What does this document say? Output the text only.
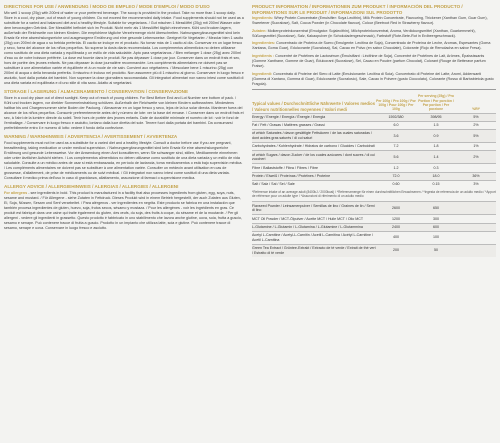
DIRECTIONS FOR USE / ANWENDUNG / MODO DE EMPLEO / MODE D'EMPLOI / MODO D'USO

Mix well 1 scoop (25g) with 200ml of water or your preferred beverage. The scoop is provided in the product. Take no more than 1 scoop daily. Store in a cool, dry place, out of reach of young children. Do not exceed the recommended daily intake. Food supplements should not be used as a substitute for a varied and balanced diet and a healthy lifestyle. Suitable for vegetarians. / Gut mischen 1 Messlöffel (25g) mit 200ml Wasser oder dem bevorzugten Getränk. Der Messlöffel befindet sich im Produkt. Nicht mehr als 1 Messlöffel täglich einnehmen. Kühl und trocken lagern, außerhalb der Reichweite von kleinen Kindern. Die empfohlene tägliche Verzehrmenge nicht überschreiten. Nahrungsergänzungsmittel sind kein Ersatz für eine abwechslungsreiche und ausgewogene Ernährung und eine gesunde Lebensweise. Geeignet für Vegetarier. / Mezclar bien 1 cacito (25g) con 200ml de agua o su bebida preferida. El cacito se incluye en el producto. No tomar más de 1 cacito al día. Conservar en un lugar fresco y seco, fuera del alcance de los niños pequeños. No superar la dosis diaria recomendada. Los complementos alimenticios no deben utilizarse como sustituto de una dieta variada y equilibrada y un estilo de vida saludable. Apto para vegetarianos. / Bien mélanger 1 dose (25g) avec 200ml d'eau ou de votre boisson préférée. La dose est fournie dans le produit. Ne pas dépasser 1 dose par jour. Conserver dans un endroit frais et sec, hors de portée des jeunes enfants. Ne pas dépasser la dose journalière recommandée. Les compléments alimentaires ne doivent pas se substituer à une alimentation variée et équilibrée et à un mode de vie sain. Convient aux végétariens. / Mescolare bene 1 misurino (25g) con 200ml di acqua o della bevanda preferita. Il misurino è incluso nel prodotto. Non assumere più di 1 misurino al giorno. Conservare in luogo fresco e asciutto, fuori dalla portata dei bambini. Non superare la dose giornaliera raccomandata. Gli integratori alimentari non vanno intesi come sostituti di una dieta variata ed equilibrata e di uno stile di vita sano. Adatto ai vegetariani.

STORAGE / LAGERUNG / ALMACENAMIENTO / CONSERVATION / CONSERVAZIONE

Store in a cool dry place out of direct sunlight. Keep out of reach of young children. For Best Before End and Lot Number see bottom of pack. / Kühl und trocken lagern, vor direkter Sonneneinstrahlung schützen. Außerhalb der Reichweite von kleinen Kindern aufbewahren. Mindestens haltbar bis und Chargennummer siehe Boden der Packung. / Almacenar en un lugar fresco y seco, lejos de la luz solar directa. Mantener fuera del alcance de los niños pequeños. Consumir preferentemente antes del y número de lote: ver la base del envase. / Conserver dans un endroit frais et sec, à l'abri de la lumière directe du soleil. Tenir hors de portée des jeunes enfants. Date de durabilité minimale et numéro de lot : voir le fond de l'emballage. / Conservare in luogo fresco e asciutto, lontano dalla luce diretta del sole. Tenere fuori dalla portata dei bambini. Da consumarsi preferibilmente entro il e numero di lotto: vedere il fondo della confezione.

WARNING / WARNHINWEIS / ADVERTENCIA / AVERTISSEMENT / AVVERTENZA

Food supplements must not be used as a substitute for a varied diet and a healthy lifestyle. Consult a doctor before use if you are pregnant, breastfeeding, taking medication or under medical supervision. / Nahrungsergänzungsmittel sind kein Ersatz für eine abwechslungsreiche Ernährung und gesunde Lebensweise. Vor der Anwendung einen Arzt konsultieren, wenn Sie schwanger sind, stillen, Medikamente einnehmen oder unter ärztlicher Aufsicht stehen. / Los complementos alimenticios no deben utilizarse como sustituto de una dieta variada y un estilo de vida saludable. Consulte a un médico antes de usar si está embarazada, en período de lactancia, toma medicamentos o está bajo supervisión médica. / Les compléments alimentaires ne doivent pas se substituer à une alimentation variée. Consulter un médecin avant utilisation en cas de grossesse, d'allaitement, de prise de médicaments ou de suivi médical. / Gli integratori non vanno intesi come sostituti di una dieta variata. Consultare il medico prima dell'uso in caso di gravidanza, allattamento, assunzione di farmaci o supervisione medica.

ALLERGY ADVICE / ALLERGIEHINWEIS / ALERGIAS / ALLERGIES / ALLERGENI

For allergens - see ingredients in bold. This product is manufactured in a facility that also processes ingredients from gluten, egg, soya, nuts, sesame and mustard. / Für Allergene - siehe Zutaten in Fettdruck. Dieses Produkt wird in einem Betrieb hergestellt, der auch Zutaten aus Gluten, Ei, Soja, Nüssen, Sesam und Senf verarbeitet. / Para alérgenos - ver ingredientes en negrita. Este producto se fabrica en una instalación que también procesa ingredientes de gluten, huevo, soja, frutos secos, sésamo y mostaza. / Pour les allergènes - voir les ingrédients en gras. Ce produit est fabriqué dans une usine qui traite également du gluten, des œufs, du soja, des fruits à coque, du sésame et de la moutarde. / Per gli allergeni - vedere gli ingredienti in grassetto. Questo prodotto è fabbricato in uno stabilimento che lavora anche glutine, uova, soia, frutta a guscio, sesamo e senape. Può contenere tracce di frutta a guscio. Prodotto in un impianto che utilizza latte, soia e glutine. Può contenere tracce di sesamo, senape e uova. Conservare in luogo fresco e asciutto.

PRODUCT INFORMATION / INFORMATIONEN ZUM PRODUKT / INFORMACIÓN DEL PRODUCTO / INFORMATIONS SUR LE PRODUIT / INFORMAZIONI SUL PRODOTTO

Ingredients: Whey Protein Concentrate (Emulsifier: Soya Lecithin), Milk Protein Concentrate, Flavouring, Thickener (Xanthan Gum, Guar Gum), Sweetener (Sucralose), Salt, Cocoa Powder (in Chocolate flavour), Colour (Beetroot Red in Strawberry flavour).

Zutaten: Molkenproteinkonzentrat (Emulgator: Sojalecithin), Milchproteinkonzentrat, Aroma, Verdickungsmittel (Xanthan, Guarkernmehl), Süßungsmittel (Sucralose), Salz, Kakaopulver (in Schokoladengeschmack), Farbstoff (Rote-Bete-Rot in Erdbeergeschmack).

Ingredientes: Concentrado de Proteína de Suero (Emulgente: Lecitina de Soja), Concentrado de Proteína de Leche, Aromas, Espesantes (Goma Xantana, Goma Guar), Edulcorante (Sucralosa), Sal, Cacao en Polvo (en sabor Chocolate), Colorante (Rojo de Remolacha en sabor Fresa).

Ingrédients : Concentré de Protéines de Lactosérum (Émulsifiant : Lécithine de Soja), Concentré de Protéines de Lait, Arômes, Épaississants (Gomme Xanthane, Gomme de Guar), Édulcorant (Sucralose), Sel, Cacao en Poudre (parfum Chocolat), Colorant (Rouge de Betterave parfum Fraise).

Ingredienti: Concentrato di Proteine del Siero di Latte (Emulsionante: Lecitina di Soia), Concentrato di Proteine del Latte, Aromi, Addensanti (Gomma di Xantano, Gomma di Guar), Edulcorante (Sucralosio), Sale, Cacao in Polvere (gusto Cioccolato), Colorante (Rosso di Barbabietola gusto Fragola).

Typical values / Durchschnittliche Nährwerte / Valores medios / Valeurs nutritionnelles moyennes / Valori medi
Per 100g / Pro 100g / Por 100g / Pour 100g / Per 100g
Per serving (25g) / Pro Portion / Por porción / Par portion / Per porzione	%RI*
Energy / Energie / Energía / Énergie / Energia	1592/380	398/95	5%
Fat / Fett / Grasas / Matières grasses / Grassi	6.0	1.5	2%
of which Saturates / davon gesättigte Fettsäuren / de las cuales saturadas / dont acides gras saturés / di cui saturi
3.6	0.9	5%
Carbohydrates / Kohlenhydrate / Hidratos de carbono / Glucides / Carboidrati	7.2	1.8	1%
of which Sugars / davon Zucker / de los cuales azúcares / dont sucres / di cui zuccheri
5.6	1.4	2%
Fibre / Ballaststoffe / Fibra / Fibres / Fibre	1.2	0.3
Protein / Eiweiß / Proteínas / Protéines / Proteine	72.0	18.0	36%
Salt / Salz / Sal / Sel / Sale	0.60	0.15	3%
*Reference intake of an average adult (8400kJ / 2000kcal) / *Referenzmenge für einen durchschnittlichen Erwachsenen / *Ingesta de referencia de un adulto medio / *Apport de référence pour un adulte type / *Assunzioni di riferimento di un adulto medio
Flaxseed Powder / Leinsamenpulver / Semillas de lino / Graines de lin / Semi di lino
2600	650
MCT Oil Powder / MCT-Ölpulver / Aceite MCT / Huile MCT / Olio MCT	1200	300
L-Glutamine / L-Glutamin / L-Glutamina / L-Glutamine / L-Glutammina	2400	600
Acetyl L-Carnitine / Acetyl-L-Carnitin / Acetil L-Carnitina / Acétyl L-Carnitine / Acetil L-Carnitina
400	100
Green Tea Extract / Grüntee-Extrakt / Extracto de té verde / Extrait de thé vert / Estratto di tè verde
200	50
